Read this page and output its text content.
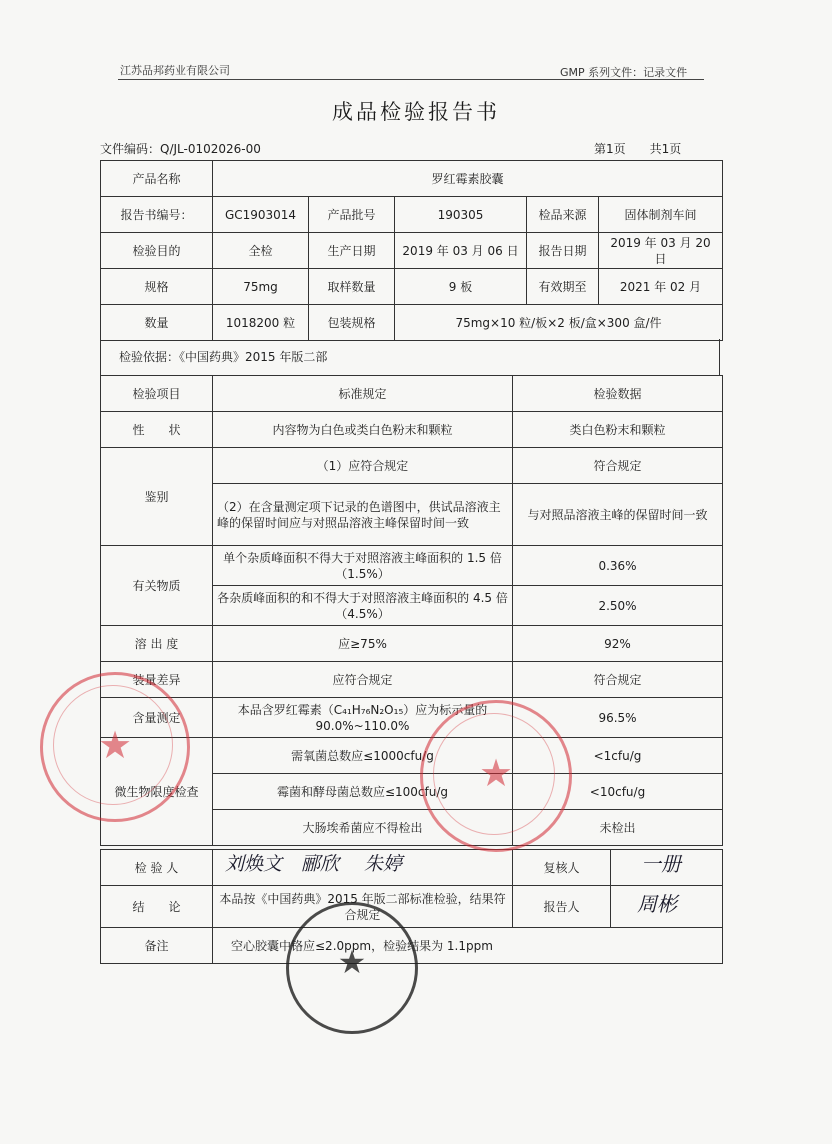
江苏品邦药业有限公司	GMP 系列文件：记录文件
成品检验报告书
文件编码：Q/JL-0102026-00	第1页　　共1页
产品名称	罗红霉素胶囊				
报告书编号：	GC1903014	产品批号	190305	检品来源	固体制剂车间
检验目的	全检	生产日期	2019 年 03 月 06 日	报告日期	2019 年 03 月 20 日
规格	75mg	取样数量	9 板	有效期至	2021 年 02 月
数量	1018200 粒	包装规格	75mg×10 粒/板×2 板/盒×300 盒/件		
检验依据：《中国药典》2015 年版二部
检验项目	标准规定	检验数据
性　　状	内容物为白色或类白色粉末和颗粒	类白色粉末和颗粒
鉴别	（1）应符合规定	符合规定
	（2）在含量测定项下记录的色谱图中，供试品溶液主峰的保留时间应与对照品溶液主峰保留时间一致	与对照品溶液主峰的保留时间一致
有关物质	单个杂质峰面积不得大于对照溶液主峰面积的 1.5 倍（1.5%）	0.36%
	各杂质峰面积的和不得大于对照溶液主峰面积的 4.5 倍（4.5%）	2.50%
溶 出 度	应≥75%	92%
装量差异	应符合规定	符合规定
含量测定	本品含罗红霉素（C₄₁H₇₆N₂O₁₅）应为标示量的 90.0%~110.0%	96.5%
微生物限度检查	需氧菌总数应≤1000cfu/g	<1cfu/g
	霉菌和酵母菌总数应≤100cfu/g	<10cfu/g
	大肠埃希菌应不得检出	未检出
检 验 人	刘焕文　郦欣 　朱婷	复核人	一册

结　　论	本品按《中国药典》2015 年版二部标准检验，结果符合规定	报告人	周彬

备注	空心胶囊中铬应≤2.0ppm，检验结果为 1.1ppm		
★
★
★
